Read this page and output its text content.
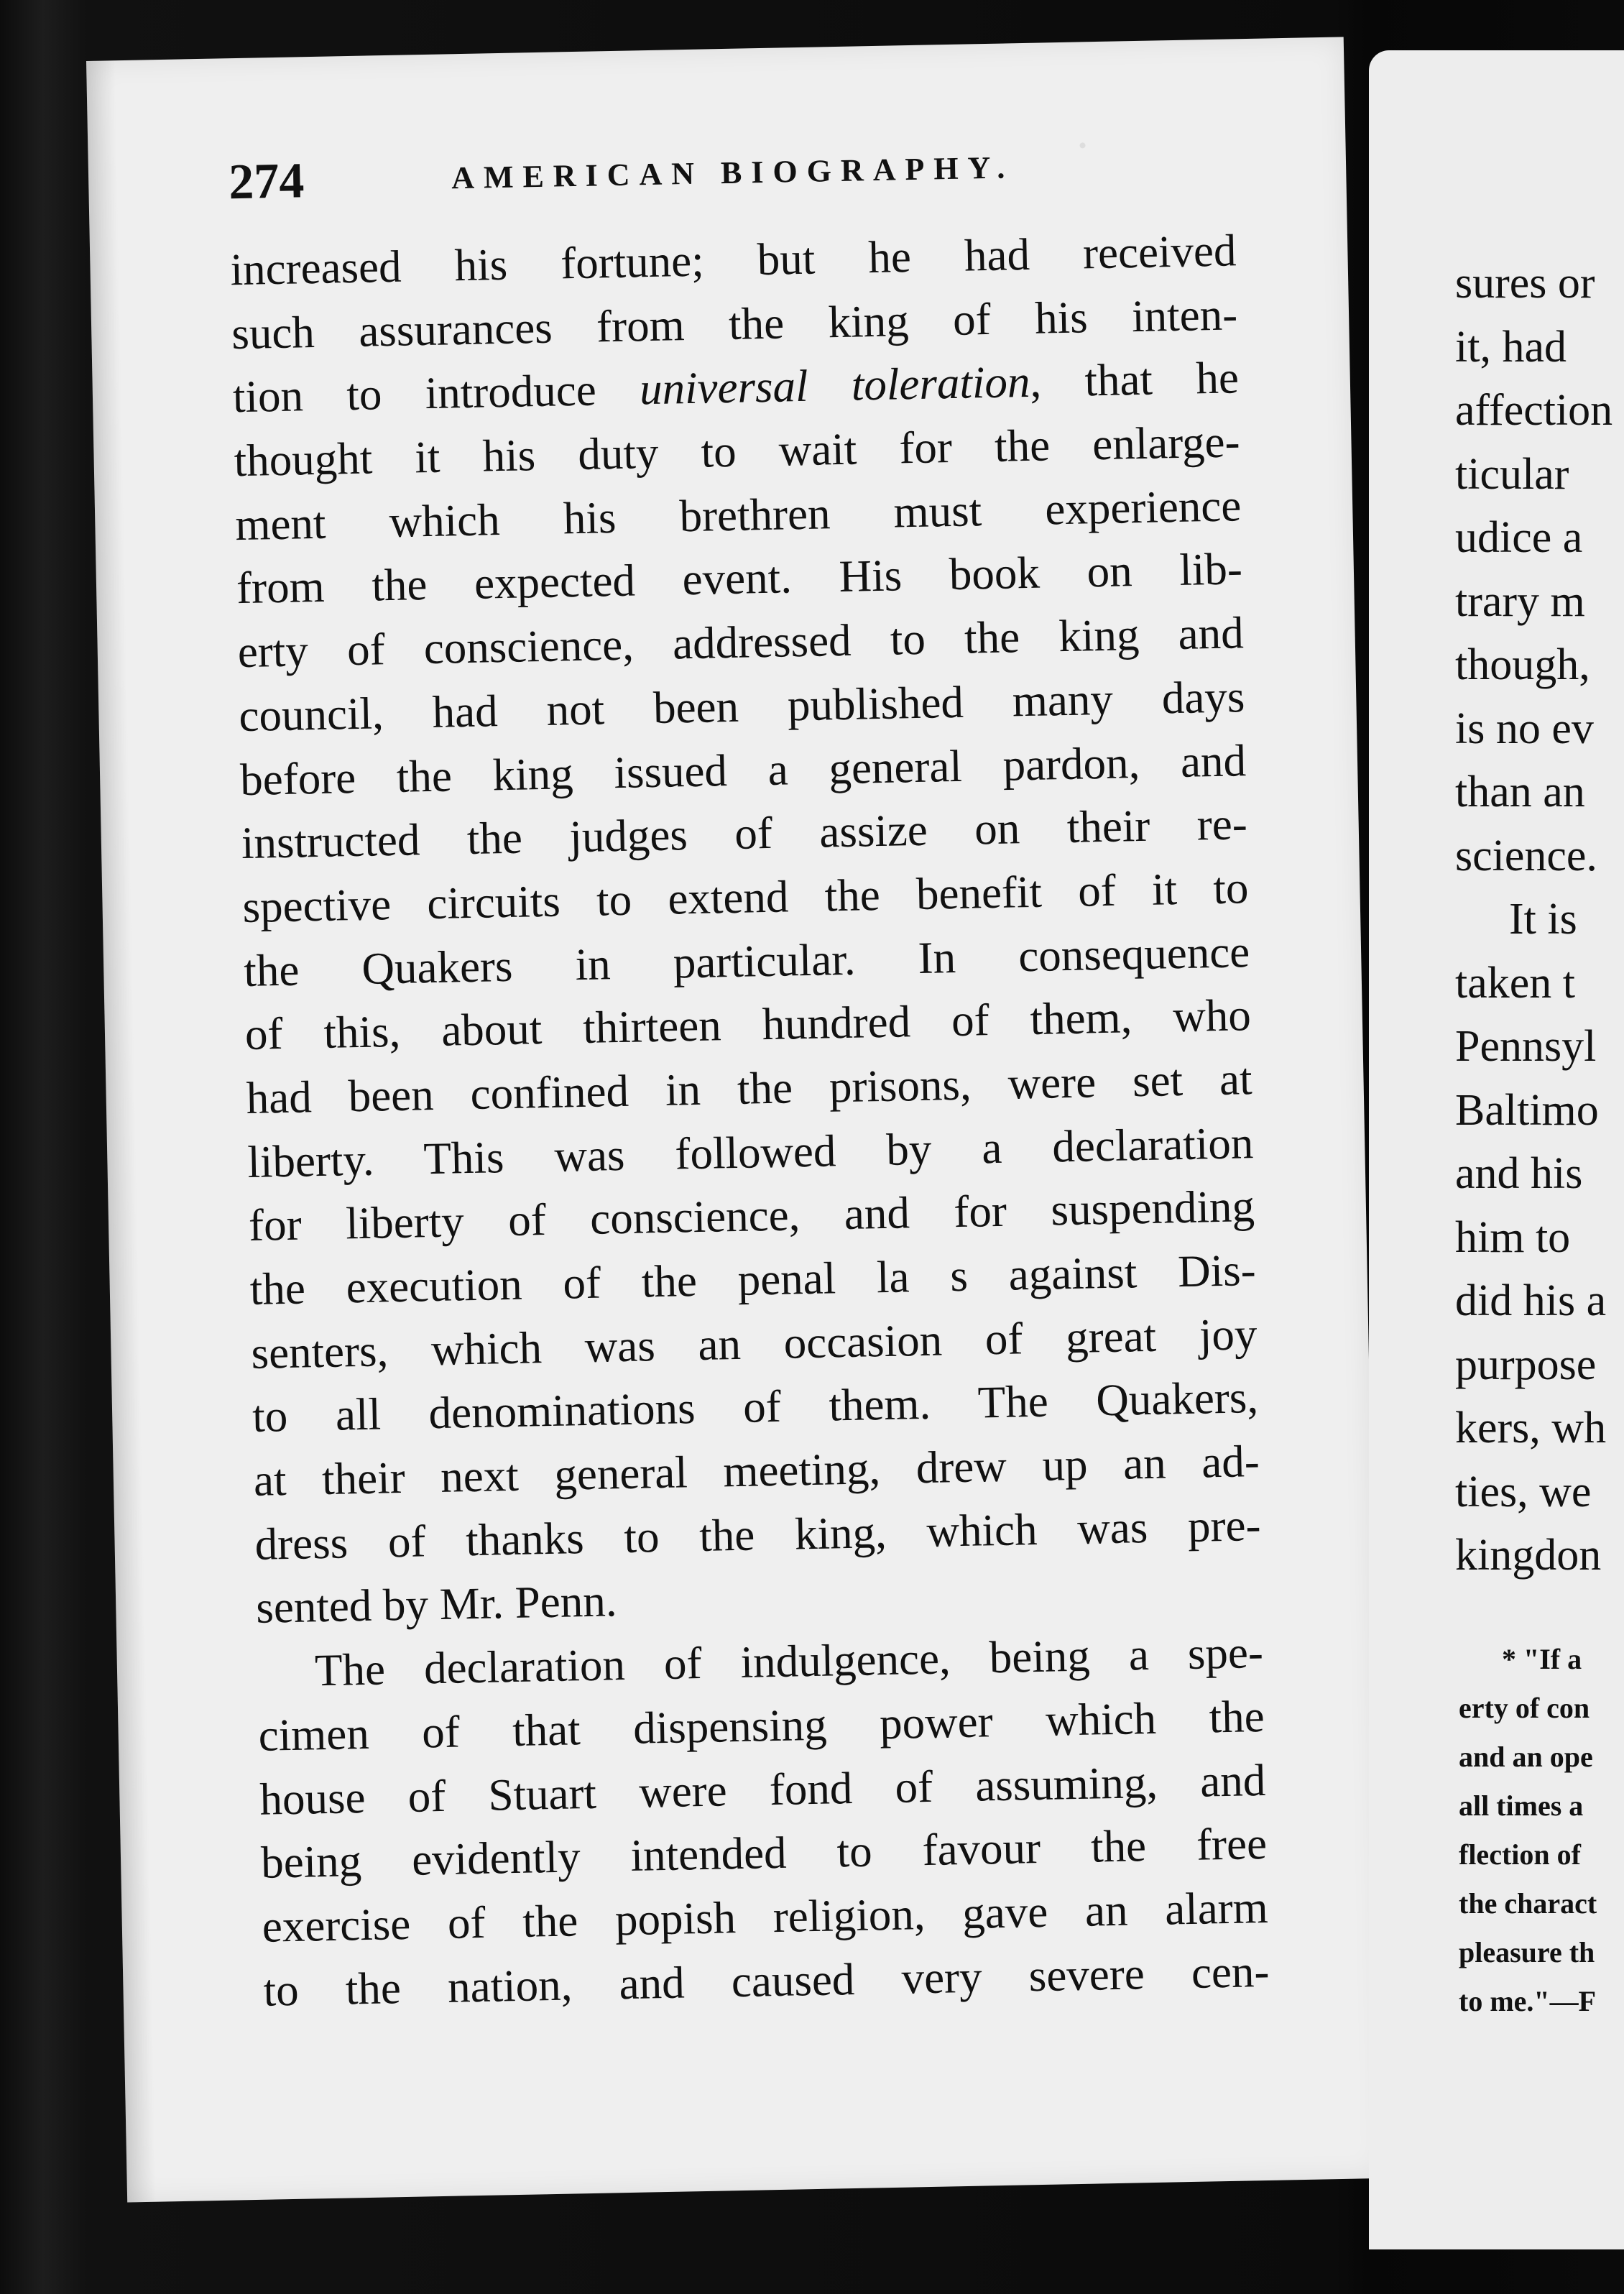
274	AMERICAN BIOGRAPHY.
increased his fortune; but he had received
such assurances from the king of his inten-
tion to introduce universal toleration, that he
thought it his duty to wait for the enlarge-
ment which his brethren must experience
from the expected event. His book on lib-
erty of conscience, addressed to the king and
council, had not been published many days
before the king issued a general pardon, and
instructed the judges of assize on their re-
spective circuits to extend the benefit of it to
the Quakers in particular. In consequence
of this, about thirteen hundred of them, who
had been confined in the prisons, were set at
liberty. This was followed by a declaration
for liberty of conscience, and for suspending
the execution of the penal la s against Dis-
senters, which was an occasion of great joy
to all denominations of them. The Quakers,
at their next general meeting, drew up an ad-
dress of thanks to the king, which was pre-
sented by Mr. Penn.
The declaration of indulgence, being a spe-
cimen of that dispensing power which the
house of Stuart were fond of assuming, and
being evidently intended to favour the free
exercise of the popish religion, gave an alarm
to the nation, and caused very severe cen-
sures or
it, had
affection
ticular
udice a
trary m
though,
is no ev
than an
science.
It is
taken t
Pennsyl
Baltimo
and his
him to
did his a
purpose
kers, wh
ties, we
kingdon
* "If a
erty of con
and an ope
all times a
flection of
the charact
pleasure th
to me."—F
